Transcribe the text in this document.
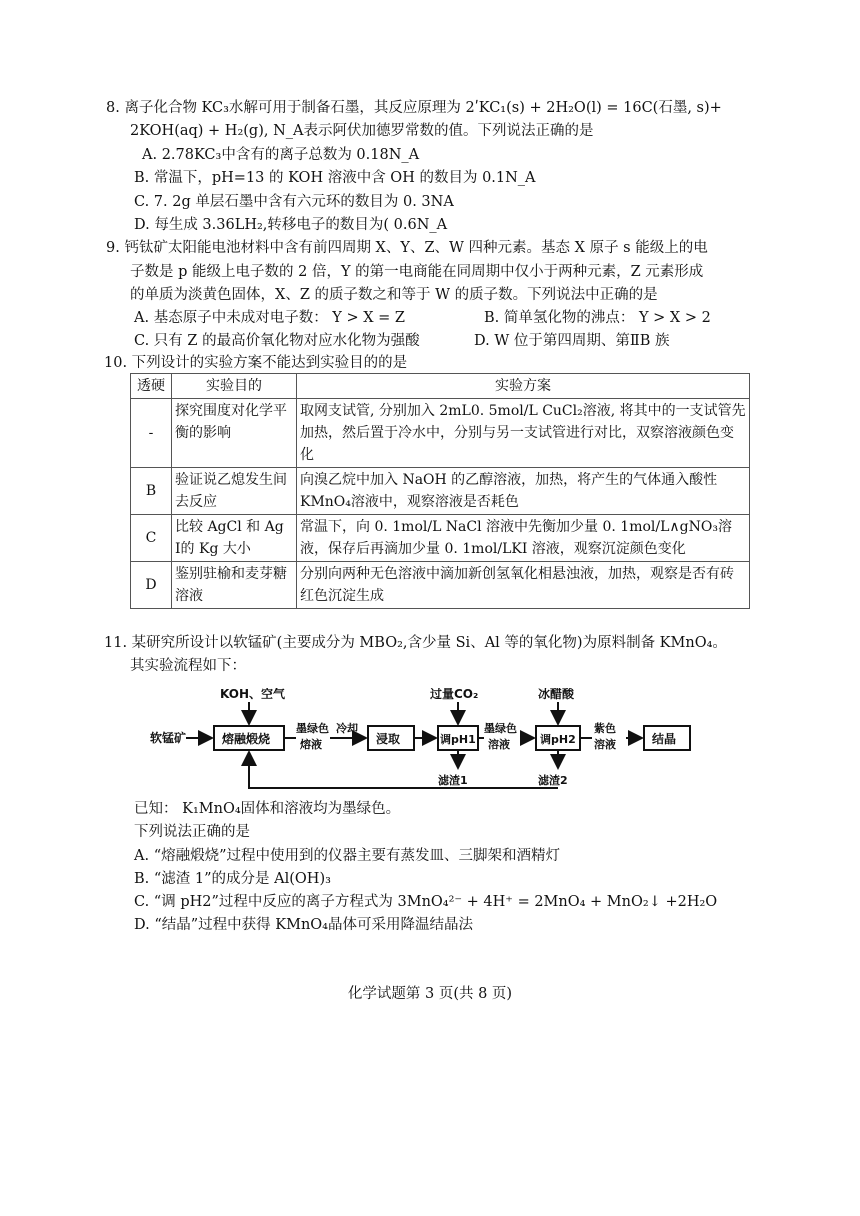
8. 离子化合物 KC₃水解可用于制备石墨，其反应原理为 2ʹKC₁(s) + 2H₂O(l) = 16C(石墨, s)+
2KOH(aq) + H₂(g), N_A表示阿伏加德罗常数的值。下列说法正确的是
A. 2.78KC₃中含有的离子总数为 0.18N_A
B. 常温下，pH=13 的 KOH 溶液中含 OH 的数目为 0.1N_A
C. 7. 2g 单层石墨中含有六元环的数目为 0. 3NA
D. 每生成 3.36LH₂,转移电子的数目为( 0.6N_A
9. 钙钛矿太阳能电池材料中含有前四周期 X、Y、Z、W 四种元素。基态 X 原子 s 能级上的电
子数是 p 能级上电子数的 2 倍，Y 的第一电商能在同周期中仅小于两种元素，Z 元素形成
的单质为淡黄色固体，X、Z 的质子数之和等于 W 的质子数。下列说法中正确的是
A. 基态原子中未成对电子数： Y > X = Z	B. 简单氢化物的沸点： Y > X > 2
C. 只有 Z 的最高价氧化物对应水化物为强酸	D. W 位于第四周期、第ⅡB 族
10. 下列设计的实验方案不能达到实验目的的是
透硬	实验目的	实验方案
-	探究围度对化学平衡的影响	取网支试管, 分别加入 2mL0. 5mol/L CuCl₂溶液, 将其中的一支试管先加热，然后置于冷水中，分别与另一支试管进行对比，双察溶液颜色变化
B	验证说乙熄发生间去反应	向溴乙烷中加入 NaOH 的乙醇溶液，加热，将产生的气体通入酸性 KMnO₄溶液中，观察溶液是否耗色
C	比较 AgCl 和 Ag I的 Kg 大小	常温下，向 0. 1mol/L NaCl 溶液中先衡加少量 0. 1mol/L∧gNO₃溶液，保存后再滴加少量 0. 1mol/LKI 溶液，观察沉淀颜色变化
D	鉴别驻榆和麦芽糖溶液	分别向两种无色溶液中滴加新创氢氧化相悬浊液，加热，观察是否有砖红色沉淀生成
11. 某研究所设计以软锰矿(主要成分为 MBO₂,含少量 Si、Al 等的氧化物)为原料制备 KMnO₄。
其实验流程如下：
软锰矿
KOH、空气
熔融煅烧
墨绿色
熔液
冷却
浸取
过量CO₂
调pH1
滤渣1
墨绿色
溶液
冰醋酸
调pH2
滤渣2
紫色
溶液	结晶
已知： K₁MnO₄固体和溶液均为墨绿色。
下列说法正确的是
A. “熔融煅烧”过程中使用到的仪器主要有蒸发皿、三脚架和酒精灯
B. “滤渣 1”的成分是 Al(OH)₃
C. “调 pH2”过程中反应的离子方程式为 3MnO₄²⁻ + 4H⁺ = 2MnO₄ + MnO₂↓ +2H₂O
D. “结晶”过程中获得 KMnO₄晶体可采用降温结晶法
化学试题第 3 页(共 8 页)
